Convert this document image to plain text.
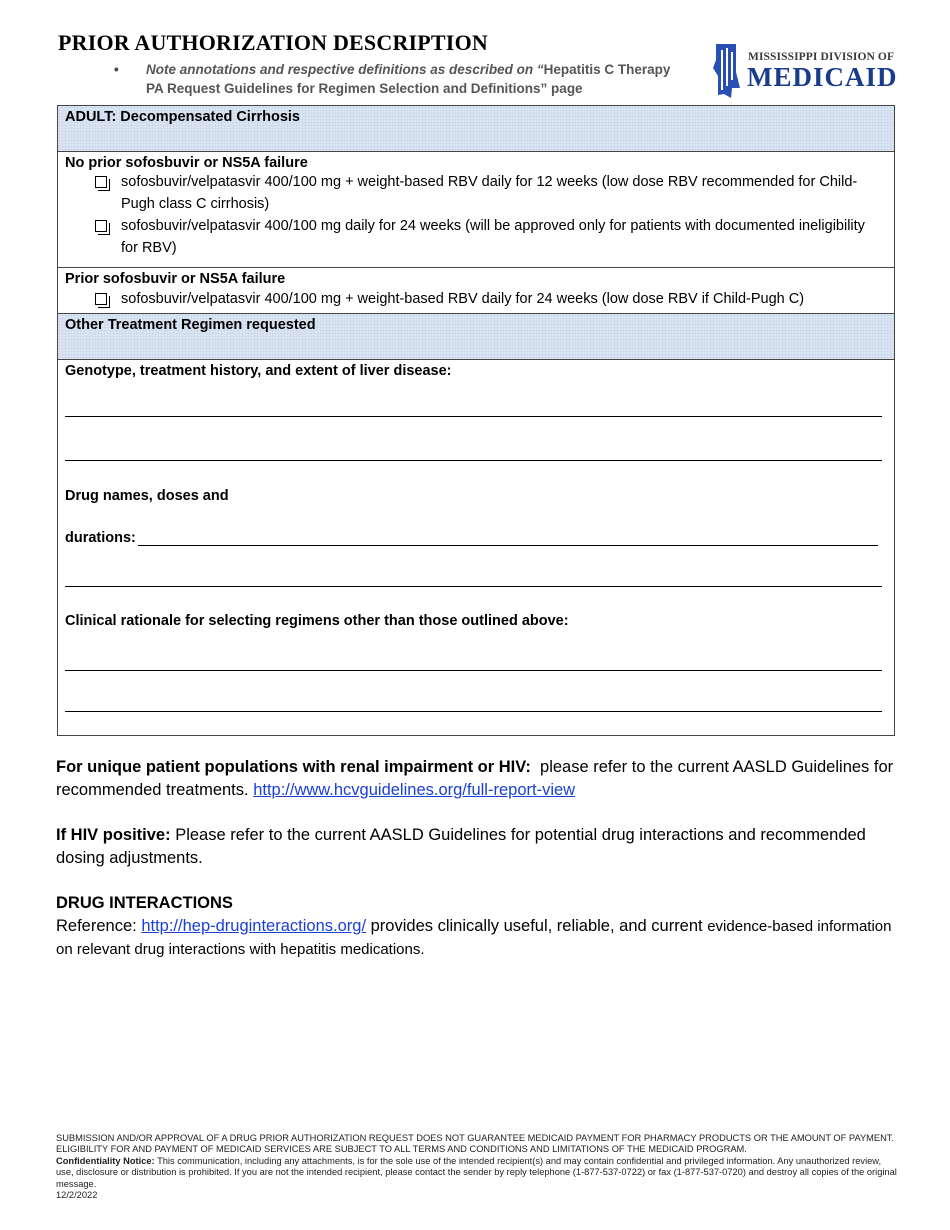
PRIOR AUTHORIZATION DESCRIPTION
•	Note annotations and respective definitions as described on “Hepatitis C Therapy
PA Request Guidelines for Regimen Selection and Definitions” page
MISSISSIPPI DIVISION OF
MEDICAID
ADULT: Decompensated Cirrhosis
No prior sofosbuvir or NS5A failure
sofosbuvir/velpatasvir 400/100 mg + weight-based RBV daily for 12 weeks (low dose RBV recommended for Child-Pugh class C cirrhosis)
sofosbuvir/velpatasvir 400/100 mg daily for 24 weeks (will be approved only for patients with documented ineligibility for RBV)
Prior sofosbuvir or NS5A failure
sofosbuvir/velpatasvir 400/100 mg + weight-based RBV daily for 24 weeks (low dose RBV if Child-Pugh C)
Other Treatment Regimen requested
Genotype, treatment history, and extent of liver disease:
Drug names, doses and
durations:
Clinical rationale for selecting regimens other than those outlined above:
For unique patient populations with renal impairment or HIV: please refer to the current AASLD Guidelines for recommended treatments. http://www.hcvguidelines.org/full-report-view
If HIV positive: Please refer to the current AASLD Guidelines for potential drug interactions and recommended dosing adjustments.
DRUG INTERACTIONS
Reference: http://hep-druginteractions.org/ provides clinically useful, reliable, and current evidence-based information on relevant drug interactions with hepatitis medications.
SUBMISSION AND/OR APPROVAL OF A DRUG PRIOR AUTHORIZATION REQUEST DOES NOT GUARANTEE MEDICAID PAYMENT FOR PHARMACY PRODUCTS OR THE AMOUNT OF PAYMENT.
ELIGIBILITY FOR AND PAYMENT OF MEDICAID SERVICES ARE SUBJECT TO ALL TERMS AND CONDITIONS AND LIMITATIONS OF THE MEDICAID PROGRAM.
Confidentiality Notice: This communication, including any attachments, is for the sole use of the intended recipient(s) and may contain confidential and privileged information. Any unauthorized review, use, disclosure or distribution is prohibited. If you are not the intended recipient, please contact the sender by reply telephone (1-877-537-0722) or fax (1-877-537-0720) and destroy all copies of the original message.
12/2/2022
